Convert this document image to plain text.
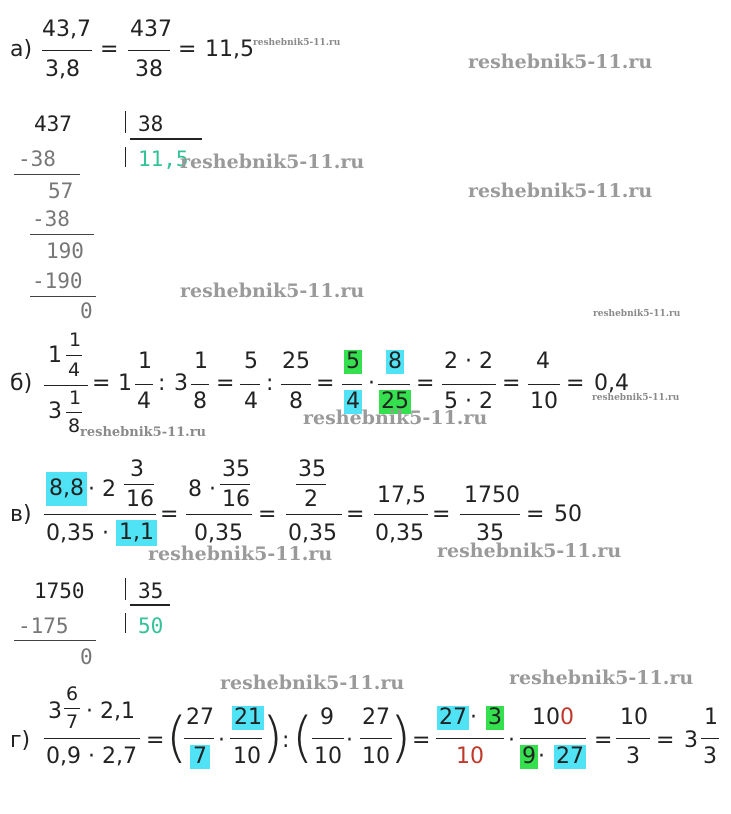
а)
43,7
3,8
=
437
38
= 11,5 reshebnik5-11.ru
reshebnik5-11.ru
437	38
11,5
-38
57
-38
190
-190
0
reshebnik5-11.ru
reshebnik5-11.ru
reshebnik5-11.ru
reshebnik5-11.ru
б)
1
1
4
3
1
8
= 1
1
4
: 3
1
8
=
5
4
:
25
8
=
5
4
·
8
25
=
2 · 2
5 · 2
=
4
10
= 0,4
reshebnik5-11.ru
reshebnik5-11.ru
reshebnik5-11.ru
в)
8,8 · 2
3
16
0,35 · 1,1
=
8 ·
35
16
0,35
=
35
2
0,35
=
17,5
0,35
=
1750
35
= 50
reshebnik5-11.ru	reshebnik5-11.ru
1750	35
50
-175
0
reshebnik5-11.ru	reshebnik5-11.ru
г)
3
6
7 · 2,1
0,9 · 2,7
= (
27
7
·
21
10 )
: ( 9
10
·
27
10 ) =
27 · 3
10
·
10 0
9 · 27
=
10
3
= 3
1
3
